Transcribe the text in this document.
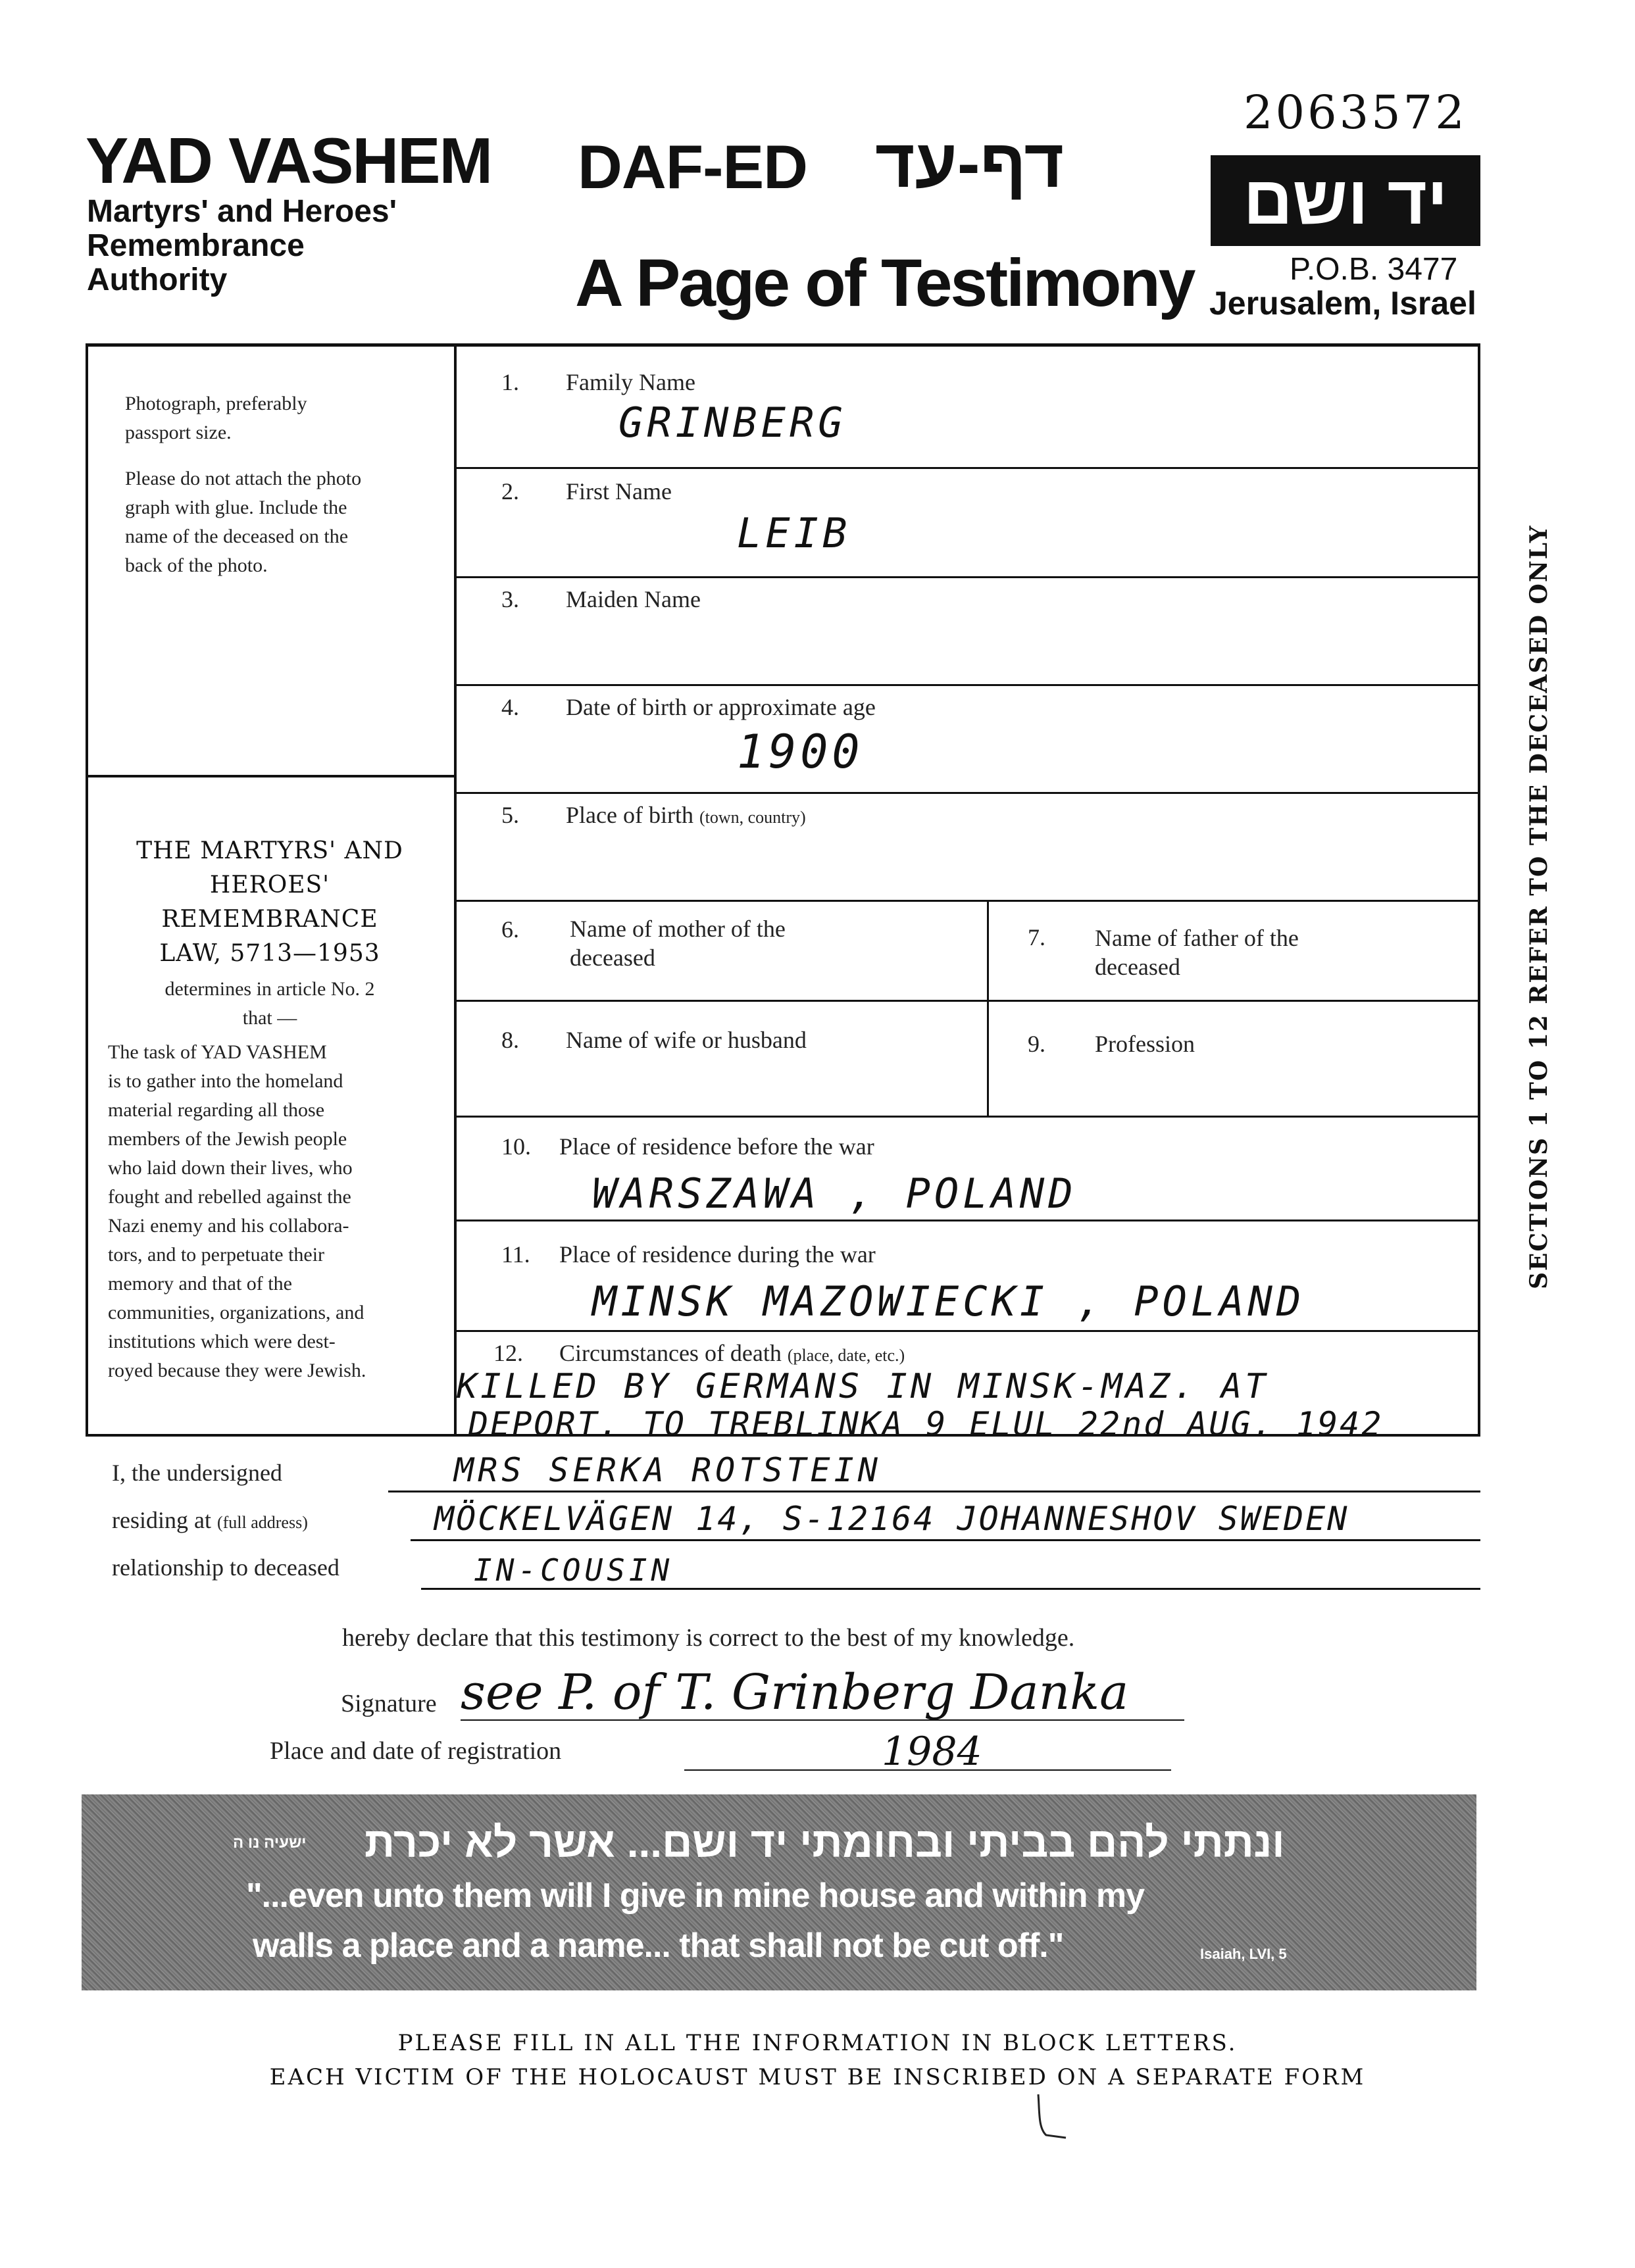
YAD VASHEM
Martyrs' and Heroes'
Remembrance
Authority
DAF-ED דף-עד
A Page of Testimony
2063572
יד ושם
P.O.B. 3477
Jerusalem, Israel
Photograph, preferably
passport size.
Please do not attach the photo
graph with glue. Include the
name of the deceased on the
back of the photo.
THE MARTYRS' AND
HEROES' REMEMBRANCE
LAW, 5713—1953
determines in article No. 2
that —
The task of YAD VASHEM
is to gather into the homeland
material regarding all those
members of the Jewish people
who laid down their lives, who
fought and rebelled against the
Nazi enemy and his collabora-
tors, and to perpetuate their
memory and that of the
communities, organizations, and
institutions which were dest-
royed because they were Jewish.
SECTIONS 1 TO 12 REFER TO THE DECEASED ONLY
1. Family Name
GRINBERG
2. First Name
LEIB
3. Maiden Name
4. Date of birth or approximate age
1900
5. Place of birth (town, country)
6. Name of mother of the
deceased
7. Name of father of the
deceased
8. Name of wife or husband	9. Profession
10. Place of residence before the war
WARSZAWA , POLAND
11. Place of residence during the war
MINSK MAZOWIECKI , POLAND
12. Circumstances of death (place, date, etc.)
KILLED BY GERMANS IN MINSK-MAZ. AT
DEPORT. TO TREBLINKA 9 ELUL 22nd AUG. 1942
I, the undersigned	MRS SERKA ROTSTEIN
residing at (full address)	MÖCKELVÄGEN 14, S-12164 JOHANNESHOV SWEDEN
relationship to deceased	IN-COUSIN
hereby declare that this testimony is correct to the best of my knowledge.
Signature see P. of T. Grinberg Danka
Place and date of registration	1984
ישעיה נו ה ונתתי להם בביתי ובחומתי יד ושם... אשר לא יכרת
"...even unto them will I give in mine house and within my
walls a place and a name... that shall not be cut off."	Isaiah, LVI, 5
PLEASE FILL IN ALL THE INFORMATION IN BLOCK LETTERS.
EACH VICTIM OF THE HOLOCAUST MUST BE INSCRIBED ON A SEPARATE FORM
